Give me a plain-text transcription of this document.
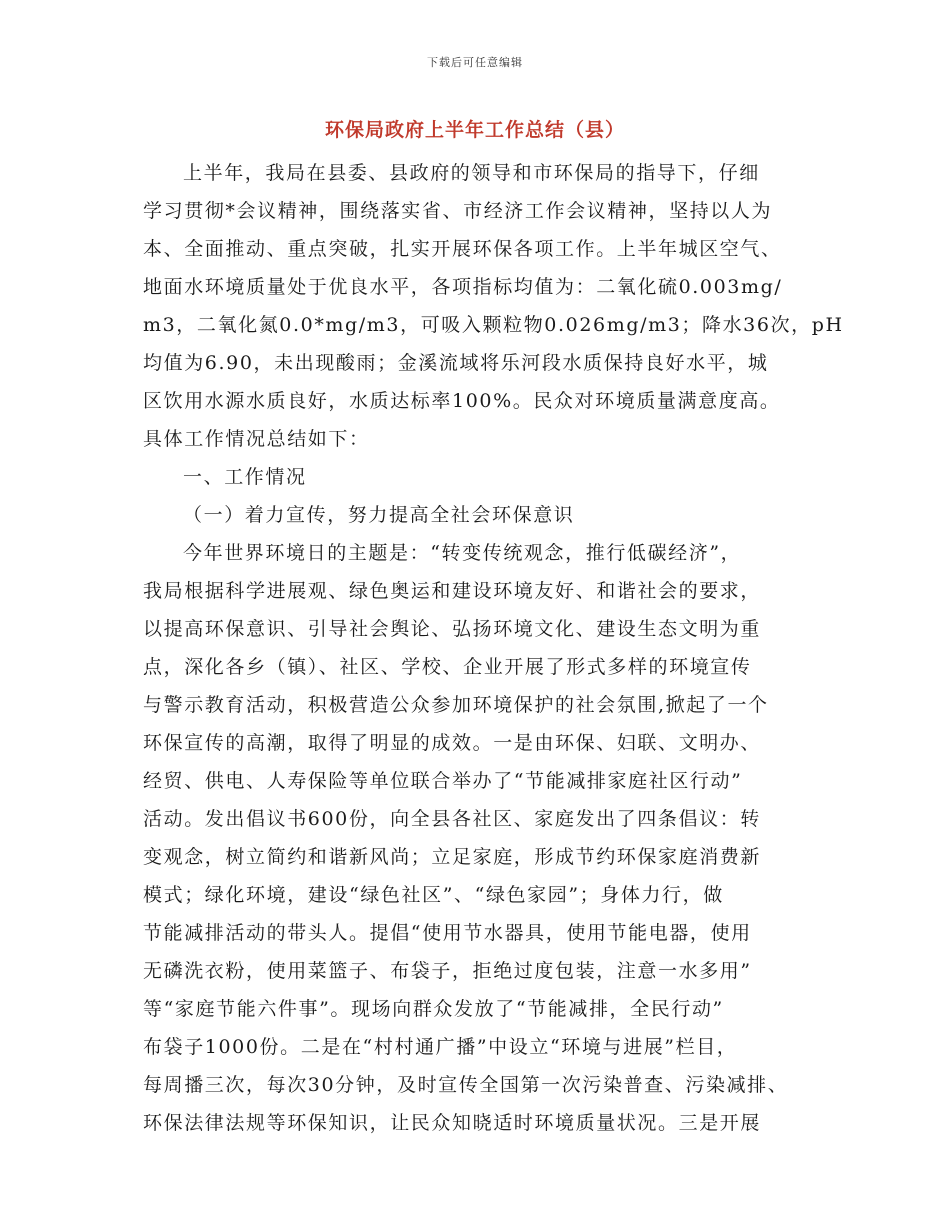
下载后可任意编辑
环保局政府上半年工作总结（县）
上半年，我局在县委、县政府的领导和市环保局的指导下，仔细
学习贯彻*会议精神，围绕落实省、市经济工作会议精神，坚持以人为
本、全面推动、重点突破，扎实开展环保各项工作。上半年城区空气、
地面水环境质量处于优良水平，各项指标均值为：二氧化硫0.003mg/
m3，二氧化氮0.0*mg/m3，可吸入颗粒物0.026mg/m3；降水36次，pH
均值为6.90，未出现酸雨；金溪流域将乐河段水质保持良好水平，城
区饮用水源水质良好，水质达标率100%。民众对环境质量满意度高。
具体工作情况总结如下：
一、工作情况
（一）着力宣传，努力提高全社会环保意识
今年世界环境日的主题是：“转变传统观念，推行低碳经济”，
我局根据科学进展观、绿色奥运和建设环境友好、和谐社会的要求，
以提高环保意识、引导社会舆论、弘扬环境文化、建设生态文明为重
点，深化各乡（镇）、社区、学校、企业开展了形式多样的环境宣传
与警示教育活动，积极营造公众参加环境保护的社会氛围,掀起了一个
环保宣传的高潮，取得了明显的成效。一是由环保、妇联、文明办、
经贸、供电、人寿保险等单位联合举办了“节能减排家庭社区行动”
活动。发出倡议书600份，向全县各社区、家庭发出了四条倡议：转
变观念，树立简约和谐新风尚；立足家庭，形成节约环保家庭消费新
模式；绿化环境，建设“绿色社区”、“绿色家园”；身体力行，做
节能减排活动的带头人。提倡“使用节水器具，使用节能电器，使用
无磷洗衣粉，使用菜篮子、布袋子，拒绝过度包装，注意一水多用”
等“家庭节能六件事”。现场向群众发放了“节能减排，全民行动”
布袋子1000份。二是在“村村通广播”中设立“环境与进展”栏目，
每周播三次，每次30分钟，及时宣传全国第一次污染普查、污染减排、
环保法律法规等环保知识，让民众知晓适时环境质量状况。三是开展
